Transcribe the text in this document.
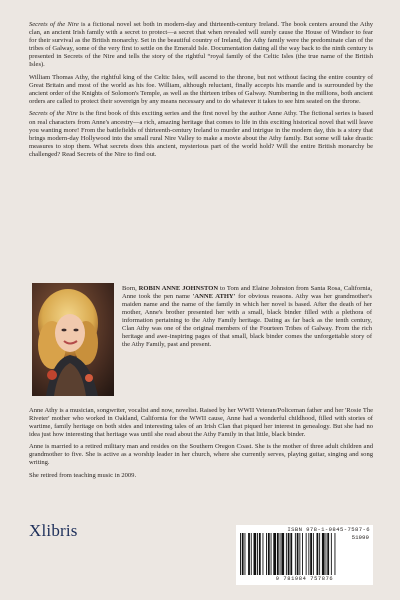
Secrets of the Nire is a fictional novel set both in modern-day and thirteenth-century Ireland. The book centers around the Athy clan, an ancient Irish family with a secret to protect—a secret that when revealed will surely cause the House of Windsor to fear for their survival as the British monarchy. Set in the beautiful country of Ireland, the Athy family were the predominate clan of the tribes of Galway, some of the very first to settle on the Emerald Isle. Documentation dating all the way back to the ninth century is presented in Secrets of the Nire and tells the story of the rightful “royal family of the Celtic Isles (the true name of the British Isles).

William Thomas Athy, the rightful king of the Celtic Isles, will ascend to the throne, but not without facing the entire country of Great Britain and most of the world as his foe. William, although reluctant, finally accepts his mantle and is surrounded by the ancient order of the Knights of Solomon's Temple, as well as the thirteen tribes of Galway. Numbering in the millions, both ancient orders are called to protect their sovereign by any means necessary and to do whatever it takes to see him seated on the throne.

Secrets of the Nire is the first book of this exciting series and the first novel by the author Anne Athy. The fictional series is based on real characters from Anne's ancestry—a rich, amazing heritage that comes to life in this exciting historical novel that will leave you wanting more! From the battlefields of thirteenth-century Ireland to murder and intrigue in the modern day, this is a story that brings modern-day Hollywood into the small rural Nire Valley to make a movie about the Athy family. But some will take drastic measures to stop them. What secrets does this ancient, mysterious part of the world hold? Will the entire British monarchy be challenged? Read Secrets of the Nire to find out.

Born, ROBIN ANNE JOHNSTON to Tom and Elaine Johnston from Santa Rosa, California, Anne took the pen name 'ANNE ATHY' for obvious reasons. Athy was her grandmother's maiden name and the name of the family in which her novel is based. After the death of her mother, Anne's brother presented her with a small, black binder filled with a plethora of information pertaining to the Athy Family heritage. Dating as far back as the tenth century, Clan Athy was one of the original members of the Fourteen Tribes of Galway. From the rich heritage and awe-inspiring pages of that small, black binder comes the unforgettable story of the Athy Family, past and present.

Anne Athy is a musician, songwriter, vocalist and now, novelist. Raised by her WWII Veteran/Policeman father and her 'Rosie The Riveter' mother who worked in Oakland, California for the WWII cause, Anne had a wonderful childhood, filled with stories of wartime, family heritage on both sides and interesting tales of an Irish Clan that piqued her interest in genealogy. But she had no idea just how interesting that heritage was until she read about the Athy Family in that little, black binder.

Anne is married to a retired military man and resides on the Southern Oregon Coast. She is the mother of three adult children and grandmother to five. She is active as a worship leader in her church, where she currently serves, playing guitar, singing and song writing.

She retired from teaching music in 2009.

Xlibris	ISBN 978-1-9845-7587-6
51999
9 781984 757876
